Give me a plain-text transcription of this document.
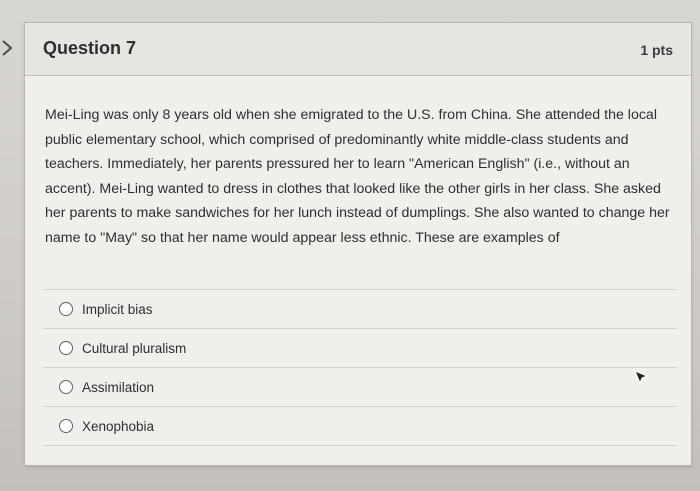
Question 7	1 pts
Mei-Ling was only 8 years old when she emigrated to the U.S. from China. She attended the local public elementary school, which comprised of predominantly white middle-class students and teachers. Immediately, her parents pressured her to learn "American English" (i.e., without an accent). Mei-Ling wanted to dress in clothes that looked like the other girls in her class. She asked her parents to make sandwiches for her lunch instead of dumplings. She also wanted to change her name to "May" so that her name would appear less ethnic. These are examples of
Implicit bias
Cultural pluralism
Assimilation
Xenophobia
